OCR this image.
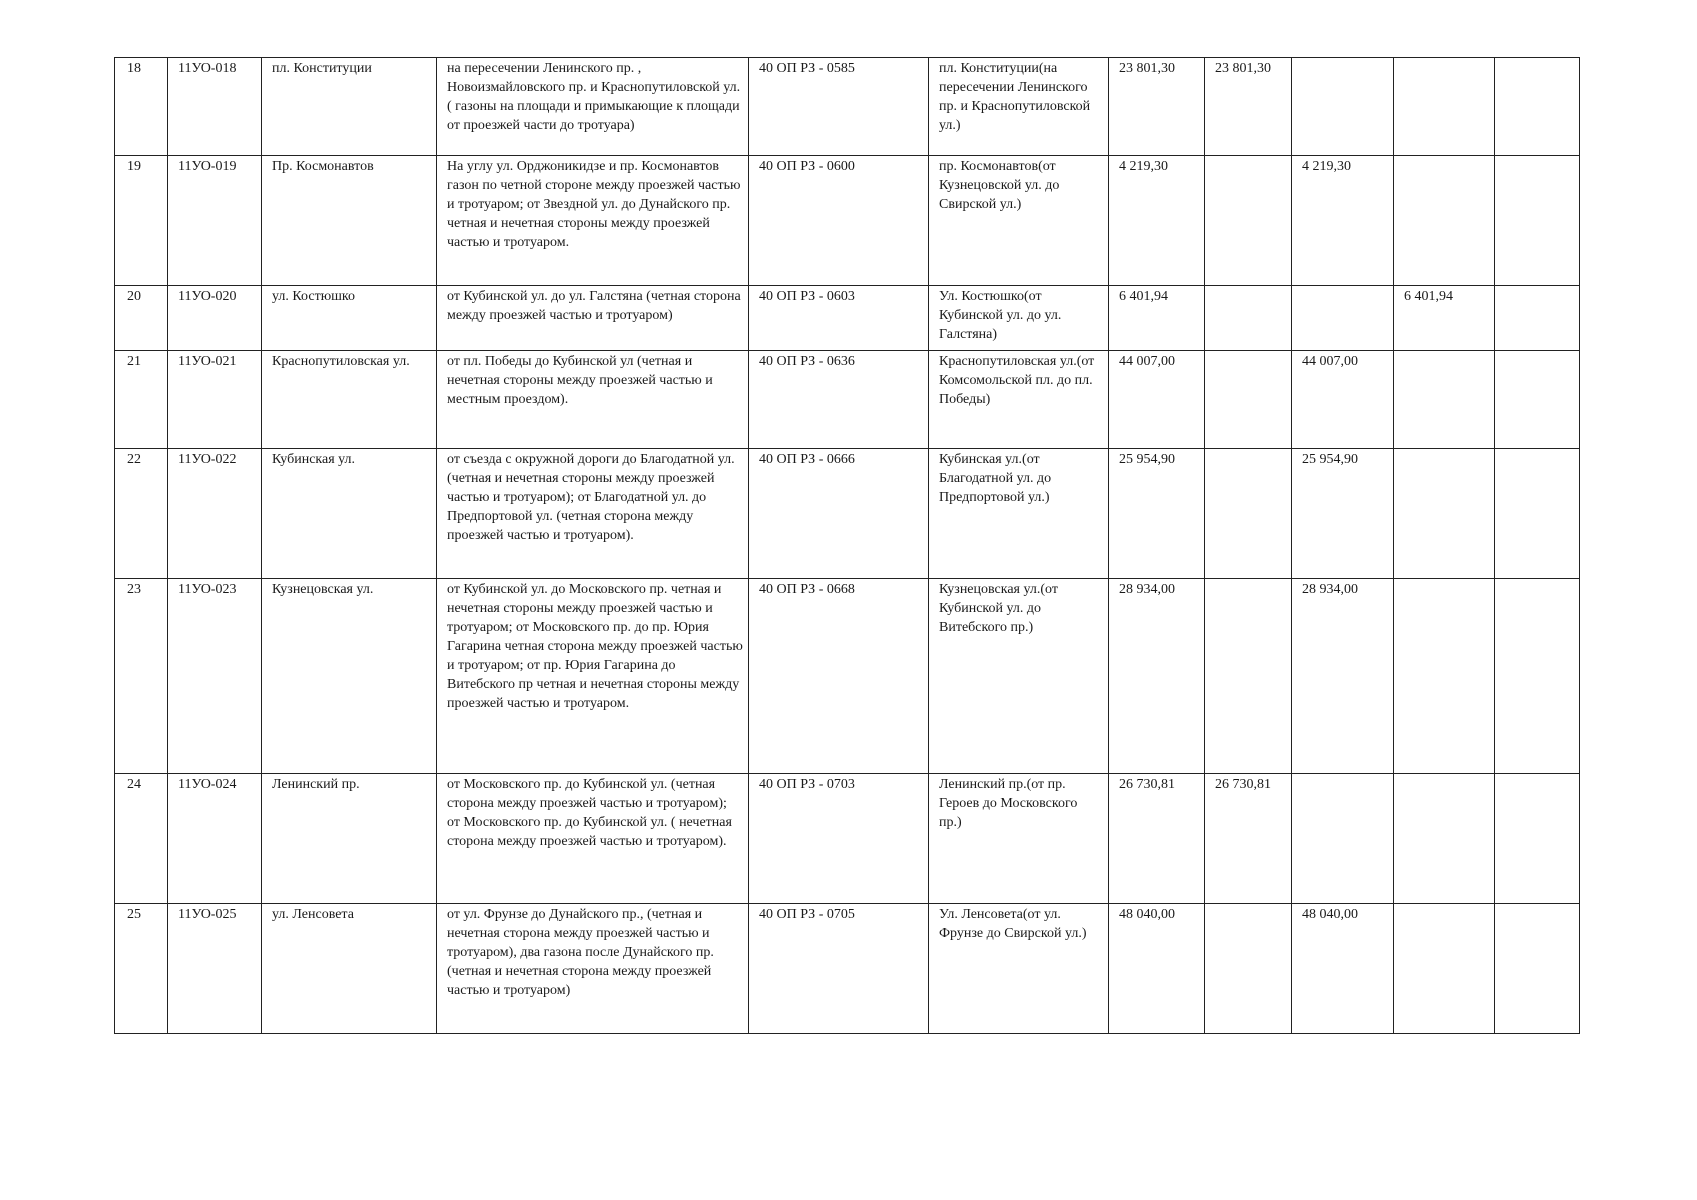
18	11УО-018	пл. Конституции	на пересечении Ленинского пр. , Новоизмайловского пр. и Краснопутиловской ул.( газоны на площади и примыкающие к площади от проезжей части до тротуара)	40 ОП РЗ - 0585	пл. Конституции(на пересечении Ленинского пр. и Краснопутиловской ул.)	23 801,30	23 801,30			
19	11УО-019	Пр. Космонавтов	На углу ул. Орджоникидзе и пр. Космонавтов газон по четной стороне между проезжей частью и тротуаром; от Звездной ул. до Дунайского пр. четная и нечетная стороны между проезжей частью и тротуаром.	40 ОП РЗ - 0600	пр. Космонавтов(от Кузнецовской ул. до Свирской ул.)	4 219,30		4 219,30		
20	11УО-020	ул. Костюшко	от Кубинской ул. до ул. Галстяна (четная сторона между проезжей частью и тротуаром)	40 ОП РЗ - 0603	Ул. Костюшко(от Кубинской ул. до ул. Галстяна)	6 401,94			6 401,94	
21	11УО-021	Краснопутиловская ул.	от пл. Победы до Кубинской ул (четная и нечетная стороны между проезжей частью и местным проездом).	40 ОП РЗ - 0636	Краснопутиловская ул.(от Комсомольской пл. до пл. Победы)	44 007,00		44 007,00		
22	11УО-022	Кубинская ул.	от съезда с окружной дороги до Благодатной ул. (четная и нечетная стороны между проезжей частью и тротуаром); от Благодатной ул. до Предпортовой ул. (четная сторона между проезжей частью и тротуаром).	40 ОП РЗ - 0666	Кубинская ул.(от Благодатной ул. до Предпортовой ул.)	25 954,90		25 954,90		
23	11УО-023	Кузнецовская ул.	от Кубинской ул. до Московского пр. четная и нечетная стороны между проезжей частью и тротуаром; от Московского пр. до пр. Юрия Гагарина четная сторона между проезжей частью и тротуаром; от пр. Юрия Гагарина до Витебского пр четная и нечетная стороны между проезжей частью и тротуаром.	40 ОП РЗ - 0668	Кузнецовская ул.(от Кубинской ул. до Витебского пр.)	28 934,00		28 934,00		
24	11УО-024	Ленинский пр.	от Московского пр. до Кубинской ул. (четная сторона между проезжей частью и тротуаром); от Московского пр. до Кубинской ул. ( нечетная сторона между проезжей частью и тротуаром).	40 ОП РЗ - 0703	Ленинский пр.(от пр. Героев до Московского пр.)	26 730,81	26 730,81			
25	11УО-025	ул. Ленсовета	от ул. Фрунзе до Дунайского пр., (четная и нечетная сторона между проезжей частью и тротуаром), два газона после Дунайского пр. (четная и нечетная сторона между проезжей частью и тротуаром)	40 ОП РЗ - 0705	Ул. Ленсовета(от ул. Фрунзе до Свирской ул.)	48 040,00		48 040,00		
